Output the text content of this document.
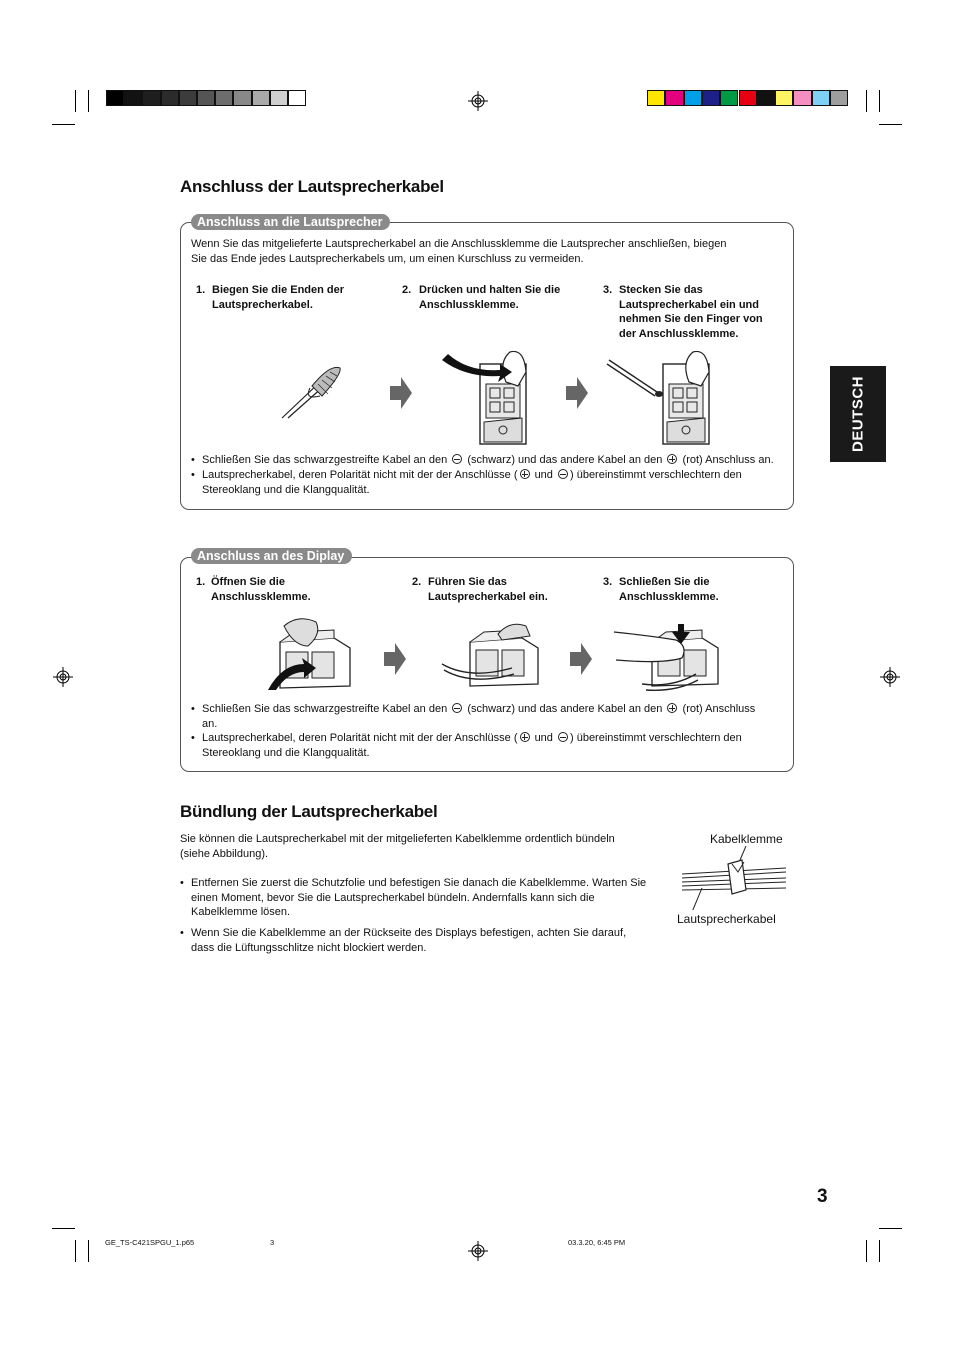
Anschluss der Lautsprecherkabel
Anschluss an die Lautsprecher
Wenn Sie das mitgelieferte Lautsprecherkabel an die Anschlussklemme die Lautsprecher anschließen, biegen
Sie das Ende jedes Lautsprecherkabels um, um einen Kurschluss zu vermeiden.
1. Biegen Sie die Enden der
Lautsprecherkabel.
2. Drücken und halten Sie die
Anschlussklemme.
3. Stecken Sie das
Lautsprecherkabel ein und
nehmen Sie den Finger von
der Anschlussklemme.
• Schließen Sie das schwarzgestreifte Kabel an den (schwarz) und das andere Kabel an den (rot) Anschluss an.
• Lautsprecherkabel, deren Polarität nicht mit der der Anschlüsse ( und ) übereinstimmt verschlechtern den
Stereoklang und die Klangqualität.
Anschluss an des Diplay
1. Öffnen Sie die
Anschlussklemme.
2. Führen Sie das
Lautsprecherkabel ein.
3. Schließen Sie die
Anschlussklemme.
• Schließen Sie das schwarzgestreifte Kabel an den (schwarz) und das andere Kabel an den (rot) Anschluss
an.
• Lautsprecherkabel, deren Polarität nicht mit der der Anschlüsse ( und ) übereinstimmt verschlechtern den
Stereoklang und die Klangqualität.
Bündlung der Lautsprecherkabel
Sie können die Lautsprecherkabel mit der mitgelieferten Kabelklemme ordentlich bündeln
(siehe Abbildung).
• Entfernen Sie zuerst die Schutzfolie und befestigen Sie danach die Kabelklemme. Warten Sie
einen Moment, bevor Sie die Lautsprecherkabel bündeln. Andernfalls kann sich die
Kabelklemme lösen.
• Wenn Sie die Kabelklemme an der Rückseite des Displays befestigen, achten Sie darauf,
dass die Lüftungsschlitze nicht blockiert werden.
Kabelklemme
Lautsprecherkabel
DEUTSCH
3
GE_TS-C421SPGU_1.p65	3	03.3.20, 6:45 PM
